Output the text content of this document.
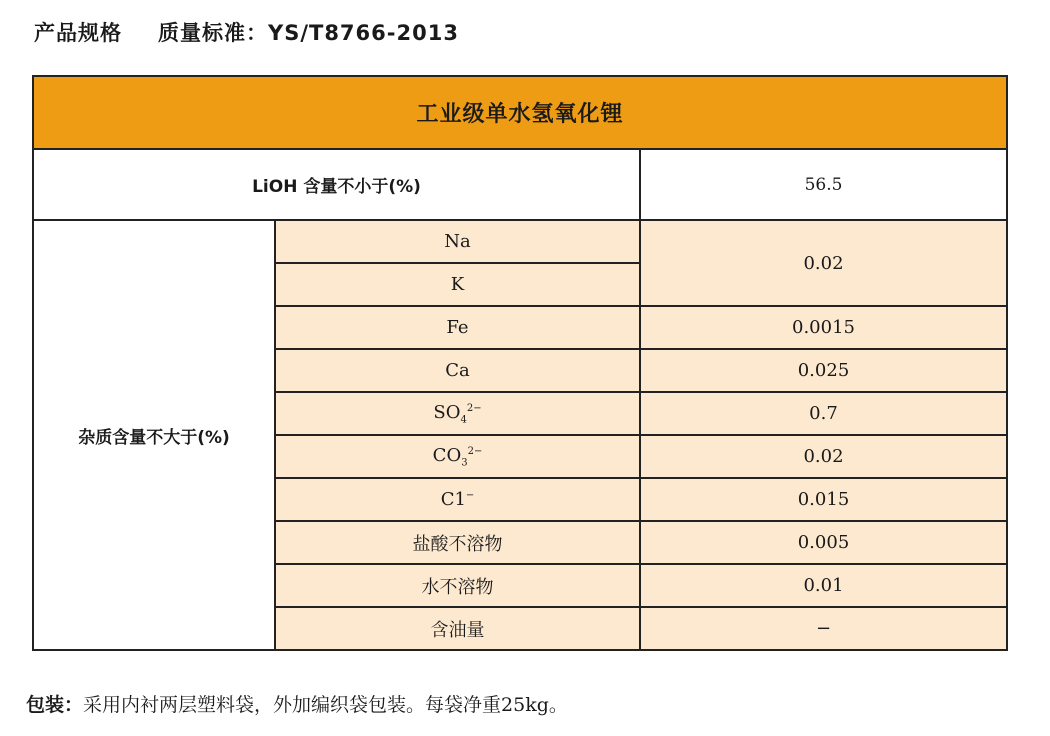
产品规格 质量标准：YS/T8766-2013
工业级单水氢氧化锂		
LiOH 含量不小于(%)		56.5
杂质含量不大于(%)	Na	0.02
	K	
	Fe	0.0015
	Ca	0.025
	$SO_4^{2-}$	0.7
	$CO_3^{2-}$	0.02
	C1−	0.015
	盐酸不溶物	0.005
	水不溶物	0.01
	含油量	−
包装： 采用内衬两层塑料袋，外加编织袋包装。每袋净重25kg。
